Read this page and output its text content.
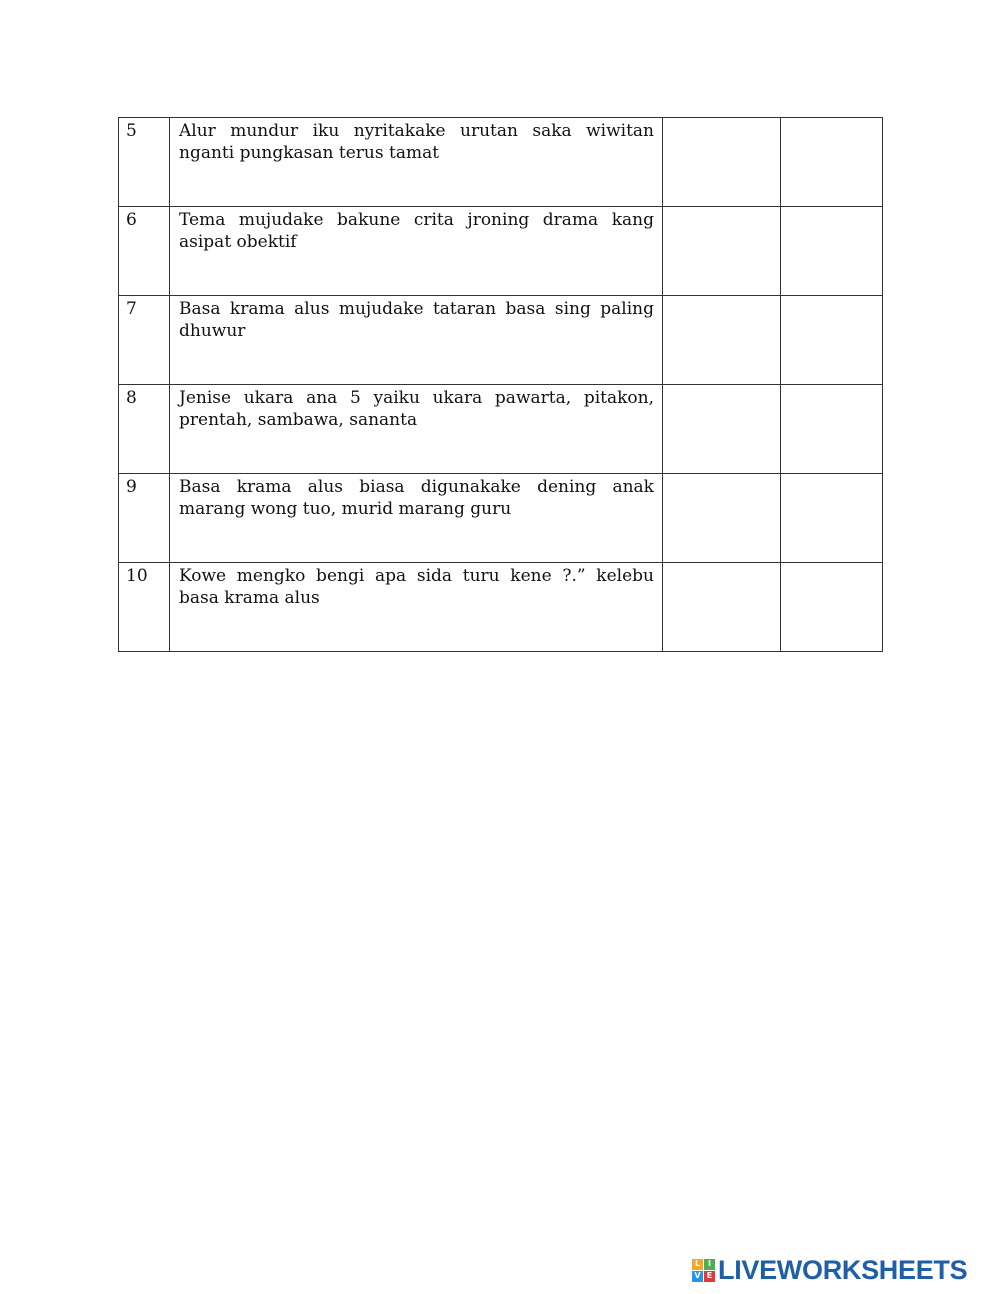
5	Alur mundur iku nyritakake urutan saka wiwitan nganti pungkasan terus tamat		
6	Tema mujudake bakune crita jroning drama kang asipat obektif		
7	Basa krama alus mujudake tataran basa sing paling dhuwur		
8	Jenise ukara ana 5 yaiku ukara pawarta, pitakon, prentah, sambawa, sananta		
9	Basa krama alus biasa digunakake dening anak marang wong tuo, murid marang guru		
10	Kowe mengko bengi apa sida turu kene ?.” kelebu basa krama alus		
L I
V E LIVEWORKSHEETS
